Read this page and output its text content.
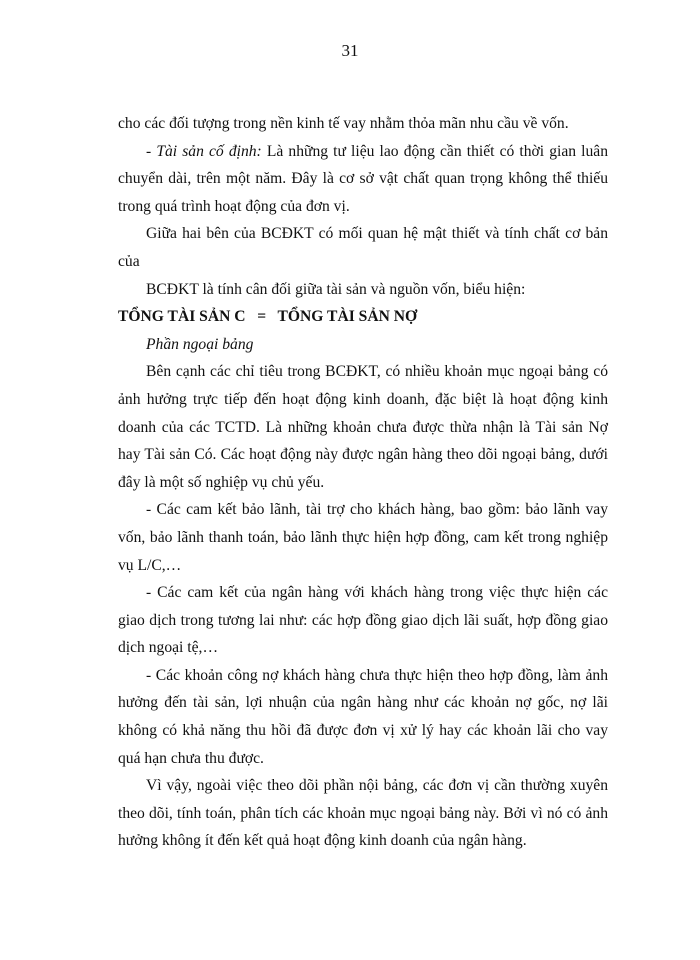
31

cho các đối tượng trong nền kinh tế vay nhằm thỏa mãn nhu cầu về vốn.

- Tài sản cố định: Là những tư liệu lao động cần thiết có thời gian luân chuyển dài, trên một năm. Đây là cơ sở vật chất quan trọng không thể thiếu trong quá trình hoạt động của đơn vị.

Giữa hai bên của BCĐKT có mối quan hệ mật thiết và tính chất cơ bản của

BCĐKT là tính cân đối giữa tài sản và nguồn vốn, biểu hiện:

TỔNG TÀI SẢN C   =   TỔNG TÀI SẢN NỢ

Phần ngoại bảng

Bên cạnh các chỉ tiêu trong BCĐKT, có nhiều khoản mục ngoại bảng có ảnh hưởng trực tiếp đến hoạt động kinh doanh, đặc biệt là hoạt động kinh doanh của các TCTD. Là những khoản chưa được thừa nhận là Tài sản Nợ hay Tài sản Có. Các hoạt động này được ngân hàng theo dõi ngoại bảng, dưới đây là một số nghiệp vụ chủ yếu.

- Các cam kết bảo lãnh, tài trợ cho khách hàng, bao gồm: bảo lãnh vay vốn, bảo lãnh thanh toán, bảo lãnh thực hiện hợp đồng, cam kết trong nghiệp vụ L/C,…

- Các cam kết của ngân hàng với khách hàng trong việc thực hiện các giao dịch trong tương lai như: các hợp đồng giao dịch lãi suất, hợp đồng giao dịch ngoại tệ,…

- Các khoản công nợ khách hàng chưa thực hiện theo hợp đồng, làm ảnh hưởng đến tài sản, lợi nhuận của ngân hàng như các khoản nợ gốc, nợ lãi không có khả năng thu hồi đã được đơn vị xử lý hay các khoản lãi cho vay quá hạn chưa thu được.

Vì vậy, ngoài việc theo dõi phần nội bảng, các đơn vị cần thường xuyên theo dõi, tính toán, phân tích các khoản mục ngoại bảng này. Bởi vì nó có ảnh hưởng không ít đến kết quả hoạt động kinh doanh của ngân hàng.
